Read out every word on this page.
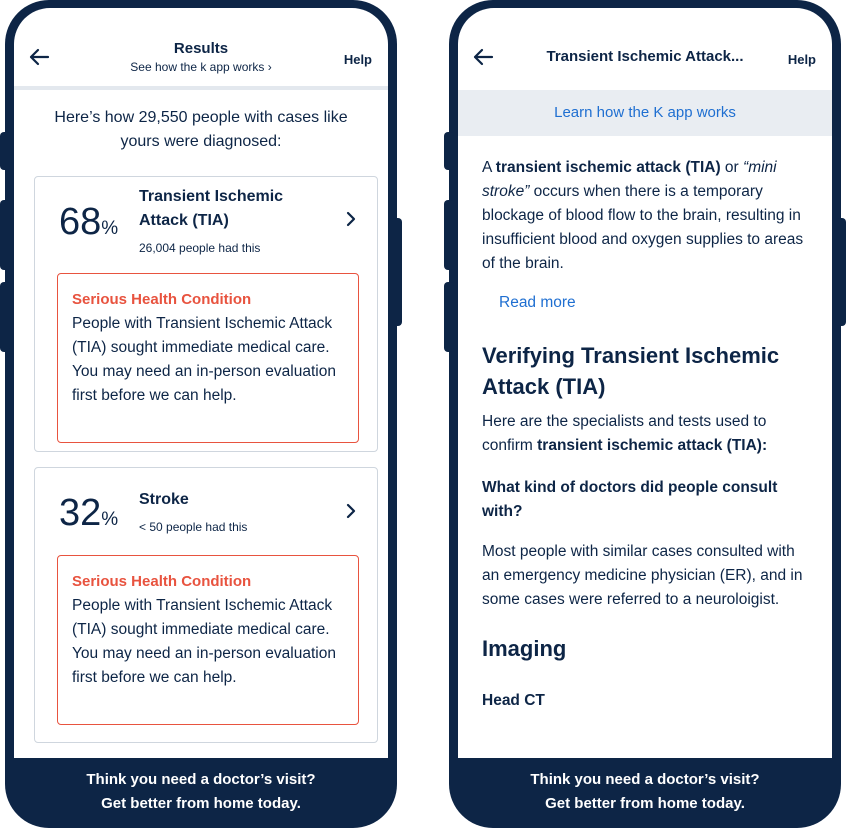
Results
See how the k app works ›	Help
Here’s how 29,550 people with cases like yours were diagnosed:
68%
Transient Ischemic Attack (TIA)
26,004 people had this
Serious Health Condition
People with Transient Ischemic Attack (TIA) sought immediate medical care. You may need an in-person evaluation first before we can help.
32%
Stroke
< 50 people had this
Serious Health Condition
People with Transient Ischemic Attack (TIA) sought immediate medical care. You may need an in-person evaluation first before we can help.
Think you need a doctor’s visit?
Get better from home today.
Transient Ischemic Attack...	Help
Learn how the K app works

A transient ischemic attack (TIA) or “mini stroke” occurs when there is a temporary blockage of blood flow to the brain, resulting in insufficient blood and oxygen supplies to areas of the brain.

Read more
Verifying Transient Ischemic Attack (TIA)

Here are the specialists and tests used to confirm transient ischemic attack (TIA):

What kind of doctors did people consult with?

Most people with similar cases consulted with an emergency medicine physician (ER), and in some cases were referred to a neuroloigist.

Imaging
Head CT
Think you need a doctor’s visit?
Get better from home today.
